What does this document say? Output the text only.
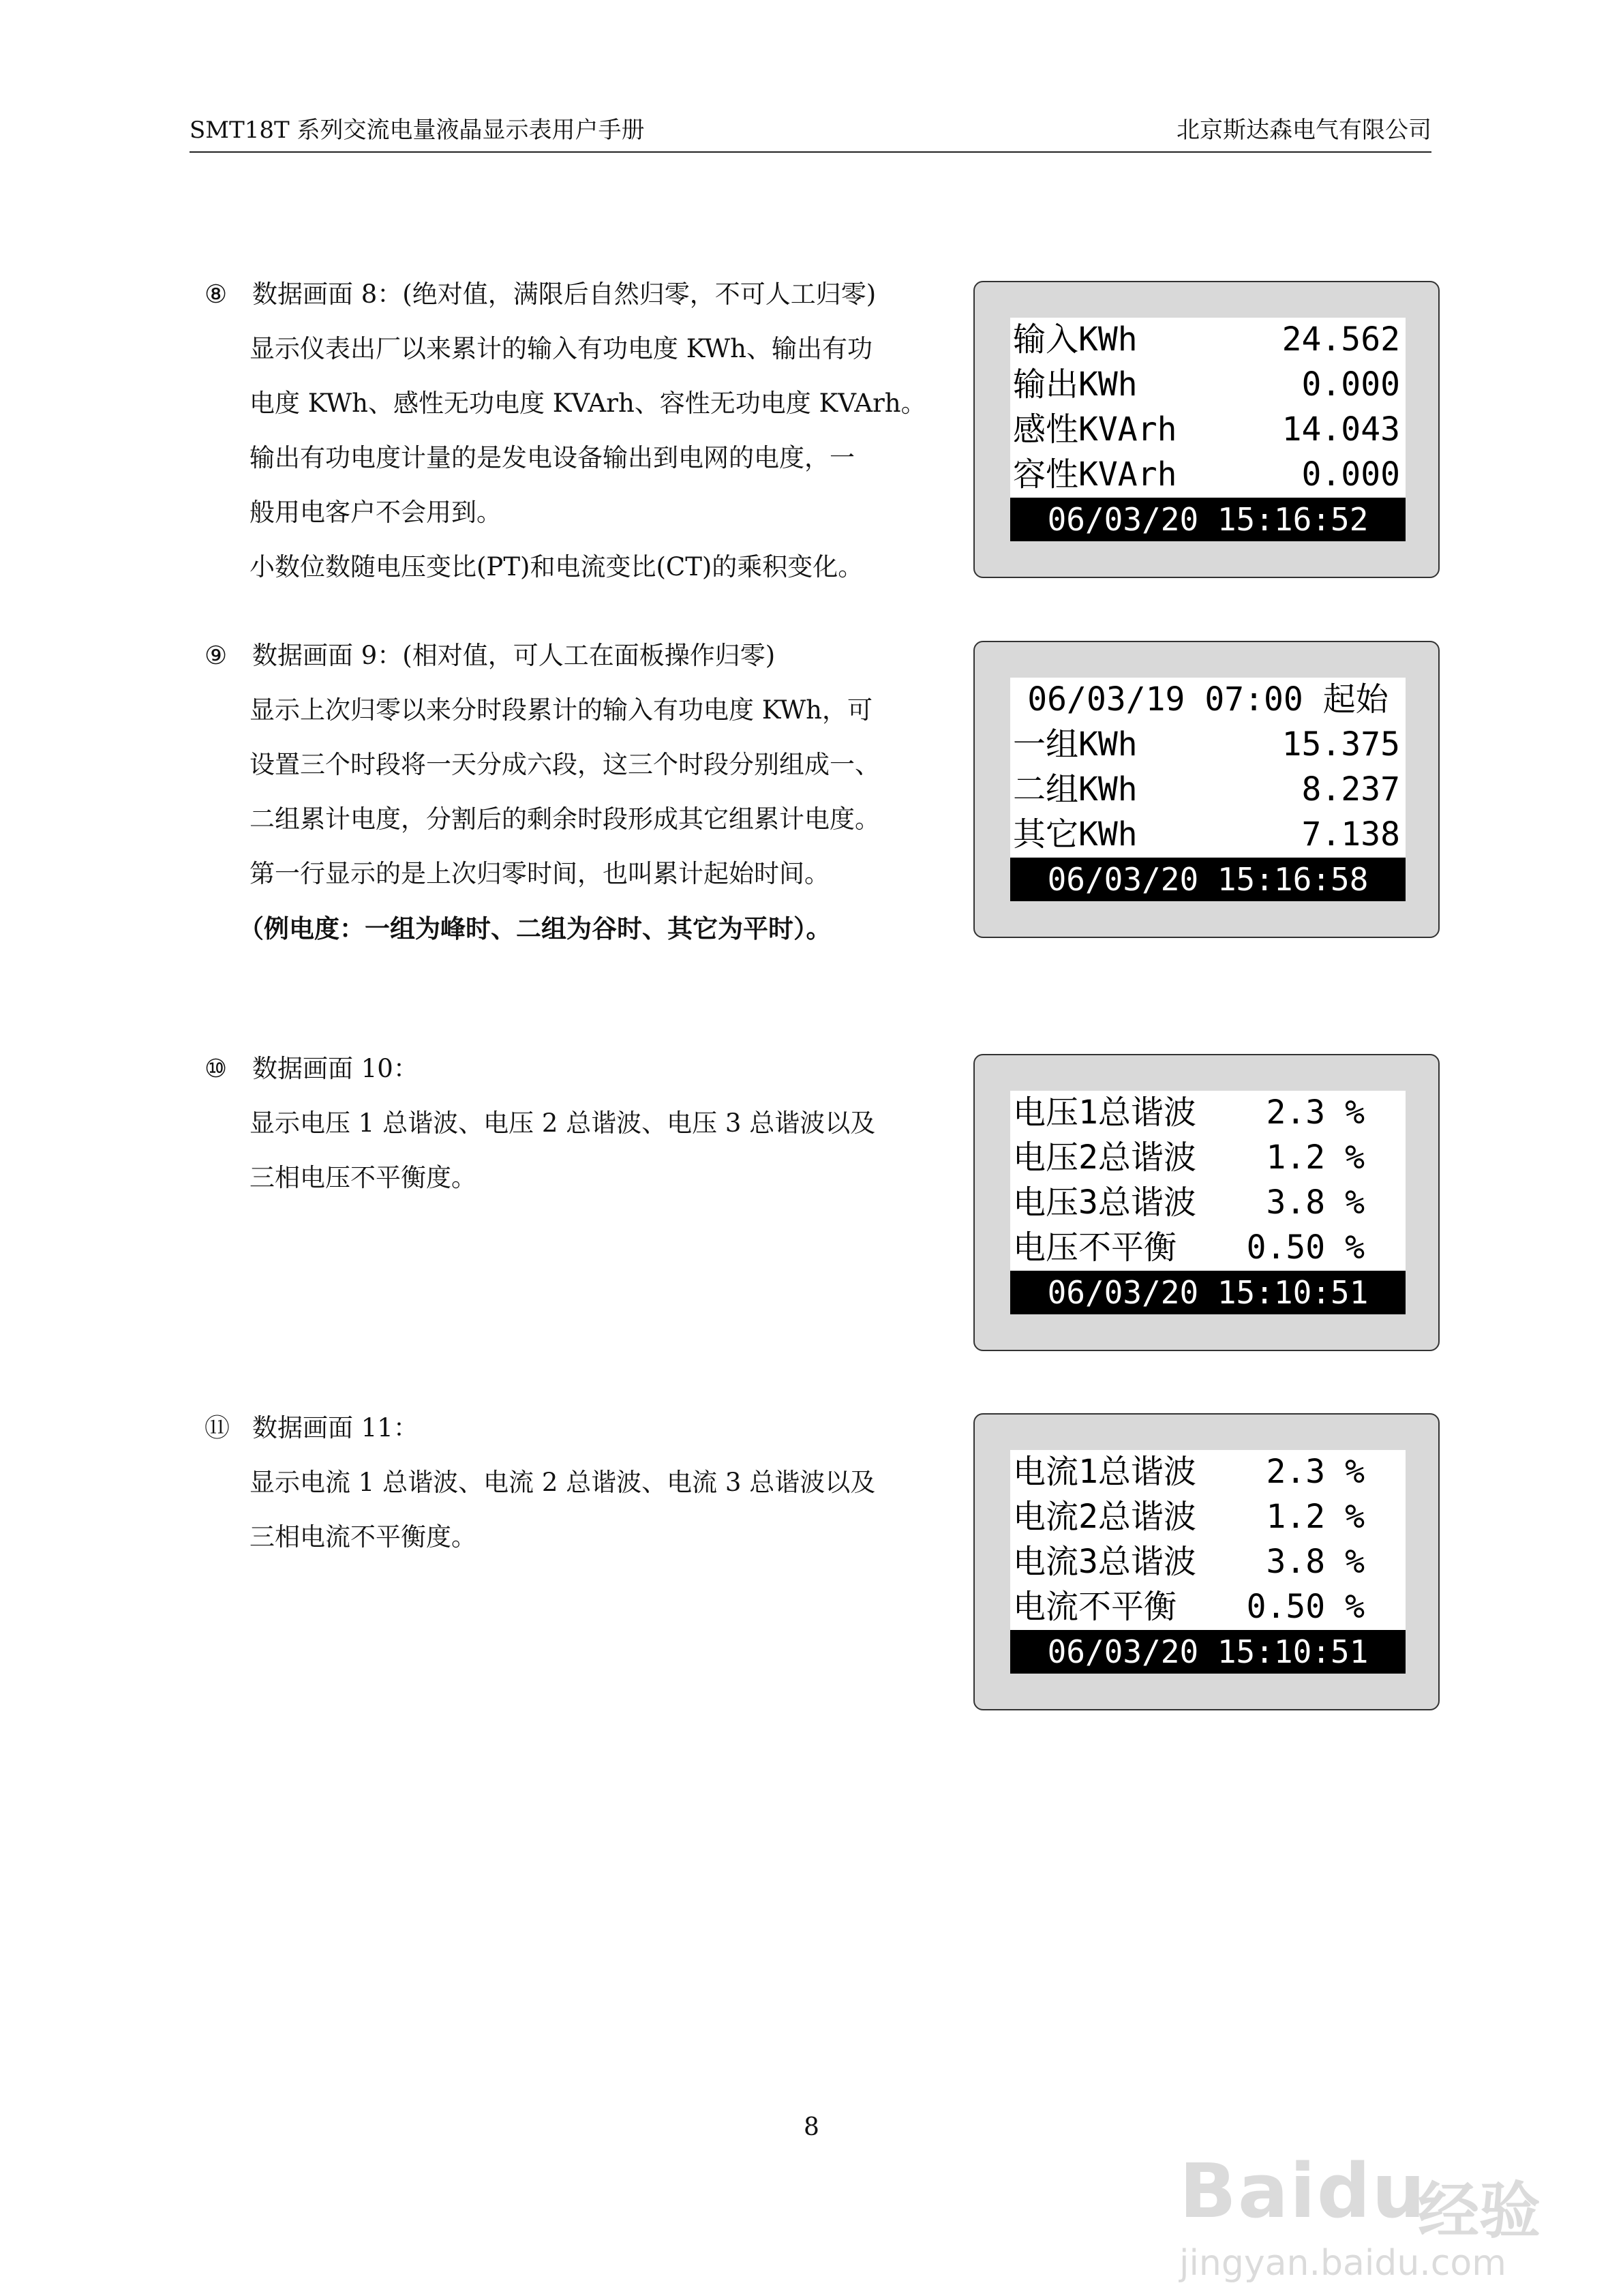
SMT18T 系列交流电量液晶显示表用户手册	北京斯达森电气有限公司

⑧ 数据画面 8：(绝对值，满限后自然归零，不可人工归零)

显示仪表出厂以来累计的输入有功电度 KWh、输出有功

电度 KWh、感性无功电度 KVArh、容性无功电度 KVArh。

输出有功电度计量的是发电设备输出到电网的电度，一

般用电客户不会用到。

小数位数随电压变比(PT)和电流变比(CT)的乘积变化。

输入KWh	24.562
输出KWh	0.000
感性KVArh	14.043
容性KVArh	0.000
06/03/20 15:16:52

⑨ 数据画面 9：(相对值，可人工在面板操作归零)

显示上次归零以来分时段累计的输入有功电度 KWh，可

设置三个时段将一天分成六段，这三个时段分别组成一、

二组累计电度，分割后的剩余时段形成其它组累计电度。

第一行显示的是上次归零时间，也叫累计起始时间。

（例电度：一组为峰时、二组为谷时、其它为平时）。

06/03/19 07:00 起始
一组KWh	15.375
二组KWh	8.237
其它KWh	7.138
06/03/20 15:16:58

⑩ 数据画面 10：

显示电压 1 总谐波、电压 2 总谐波、电压 3 总谐波以及

三相电压不平衡度。

电压1总谐波 2.3 %
电压2总谐波 1.2 %
电压3总谐波 3.8 %
电压不平衡 0.50 %
06/03/20 15:10:51

⑪ 数据画面 11：

显示电流 1 总谐波、电流 2 总谐波、电流 3 总谐波以及

三相电流不平衡度。

电流1总谐波 2.3 %
电流2总谐波 1.2 %
电流3总谐波 3.8 %
电流不平衡 0.50 %
06/03/20 15:10:51
8
Baidu
经验
jingyan.baidu.com
